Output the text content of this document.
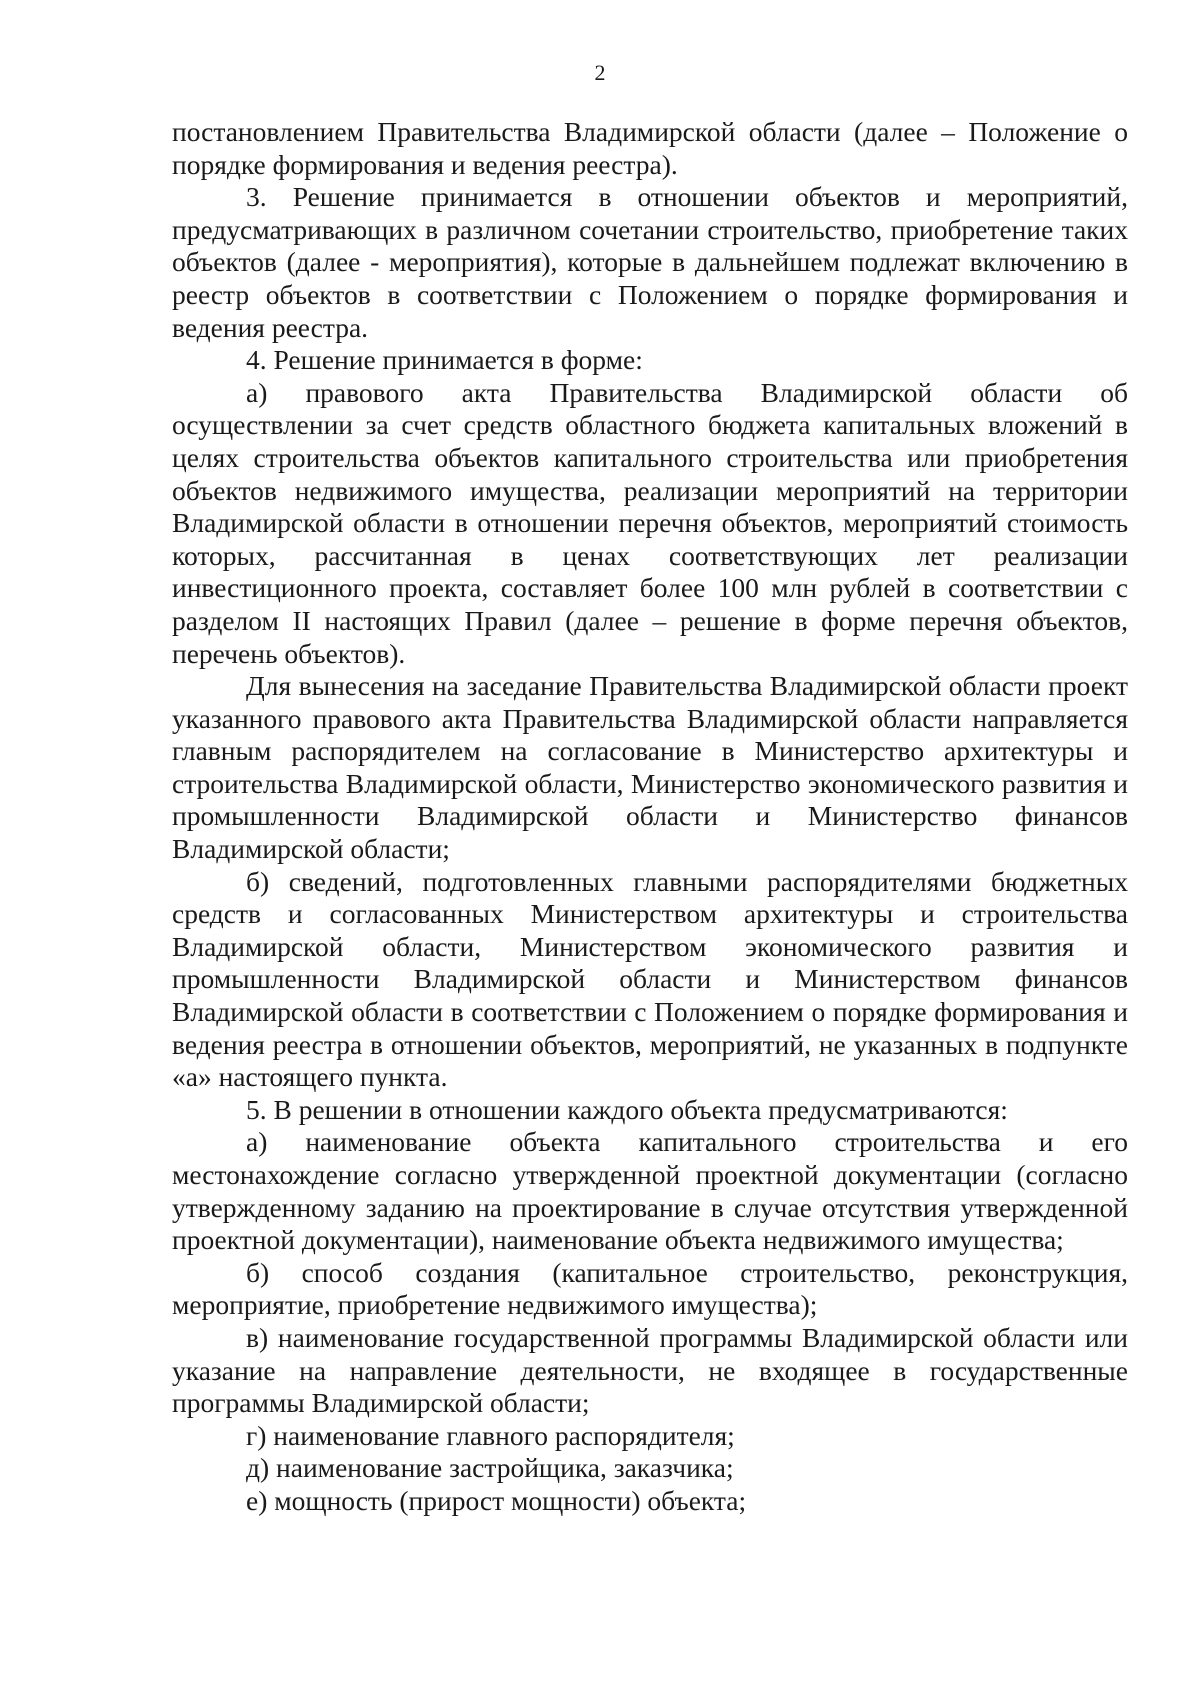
2

постановлением Правительства Владимирской области (далее – Положение о порядке формирования и ведения реестра).

3. Решение принимается в отношении объектов и мероприятий, предусматривающих в различном сочетании строительство, приобретение таких объектов (далее - мероприятия), которые в дальнейшем подлежат включению в реестр объектов в соответствии с Положением о порядке формирования и ведения реестра.

4. Решение принимается в форме:

а) правового акта Правительства Владимирской области об осуществлении за счет средств областного бюджета капитальных вложений в целях строительства объектов капитального строительства или приобретения объектов недвижимого имущества, реализации мероприятий на территории Владимирской области в отношении перечня объектов, мероприятий стоимость которых, рассчитанная в ценах соответствующих лет реализации инвестиционного проекта, составляет более 100 млн рублей в соответствии с разделом II настоящих Правил (далее – решение в форме перечня объектов, перечень объектов).

Для вынесения на заседание Правительства Владимирской области проект указанного правового акта Правительства Владимирской области направляется главным распорядителем на согласование в Министерство архитектуры и строительства Владимирской области, Министерство экономического развития и промышленности Владимирской области и Министерство финансов Владимирской области;

б) сведений, подготовленных главными распорядителями бюджетных средств и согласованных Министерством архитектуры и строительства Владимирской области, Министерством экономического развития и промышленности Владимирской области и Министерством финансов Владимирской области в соответствии с Положением о порядке формирования и ведения реестра в отношении объектов, мероприятий, не указанных в подпункте «а» настоящего пункта.

5. В решении в отношении каждого объекта предусматриваются:

а) наименование объекта капитального строительства и его местонахождение согласно утвержденной проектной документации (согласно утвержденному заданию на проектирование в случае отсутствия утвержденной проектной документации), наименование объекта недвижимого имущества;

б) способ создания (капитальное строительство, реконструкция, мероприятие, приобретение недвижимого имущества);

в) наименование государственной программы Владимирской области или указание на направление деятельности, не входящее в государственные программы Владимирской области;

г) наименование главного распорядителя;

д) наименование застройщика, заказчика;

е) мощность (прирост мощности) объекта;
